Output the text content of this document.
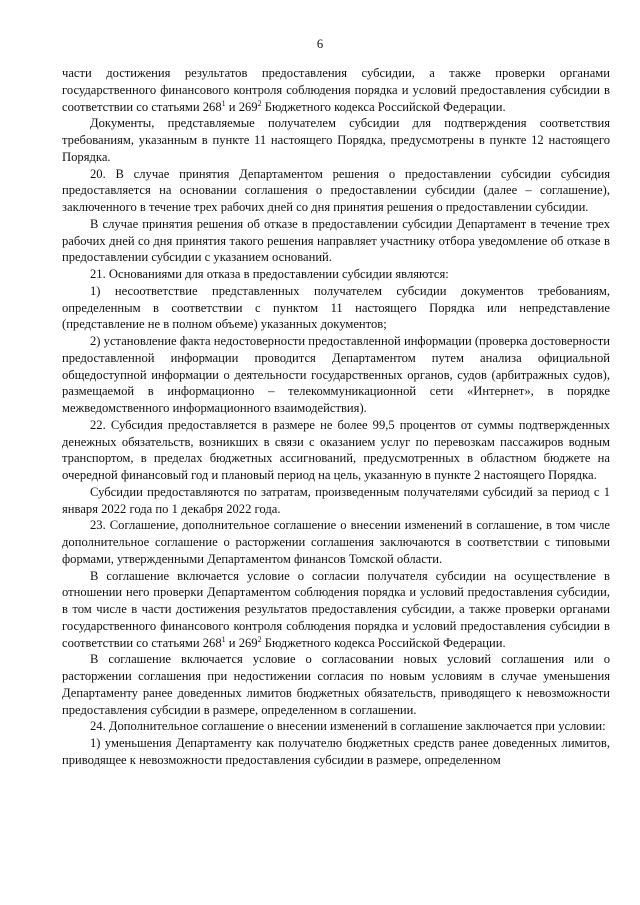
6

части достижения результатов предоставления субсидии, а также проверки органами государственного финансового контроля соблюдения порядка и условий предоставления субсидии в соответствии со статьями $268^1$ и $269^2$ Бюджетного кодекса Российской Федерации.

Документы, представляемые получателем субсидии для подтверждения соответствия требованиям, указанным в пункте 11 настоящего Порядка, предусмотрены в пункте 12 настоящего Порядка.

20. В случае принятия Департаментом решения о предоставлении субсидии субсидия предоставляется на основании соглашения о предоставлении субсидии (далее – соглашение), заключенного в течение трех рабочих дней со дня принятия решения о предоставлении субсидии.

В случае принятия решения об отказе в предоставлении субсидии Департамент в течение трех рабочих дней со дня принятия такого решения направляет участнику отбора уведомление об отказе в предоставлении субсидии с указанием оснований.

21. Основаниями для отказа в предоставлении субсидии являются:

1) несоответствие представленных получателем субсидии документов требованиям, определенным в соответствии с пунктом 11 настоящего Порядка или непредставление (представление не в полном объеме) указанных документов;

2) установление факта недостоверности предоставленной информации (проверка достоверности предоставленной информации проводится Департаментом путем анализа официальной общедоступной информации о деятельности государственных органов, судов (арбитражных судов), размещаемой в информационно – телекоммуникационной сети «Интернет», в порядке межведомственного информационного взаимодействия).

22. Субсидия предоставляется в размере не более 99,5 процентов от суммы подтвержденных денежных обязательств, возникших в связи с оказанием услуг по перевозкам пассажиров водным транспортом, в пределах бюджетных ассигнований, предусмотренных в областном бюджете на очередной финансовый год и плановый период на цель, указанную в пункте 2 настоящего Порядка.

Субсидии предоставляются по затратам, произведенным получателями субсидий за период с 1 января 2022 года по 1 декабря 2022 года.

23. Соглашение, дополнительное соглашение о внесении изменений в соглашение, в том числе дополнительное соглашение о расторжении соглашения заключаются в соответствии с типовыми формами, утвержденными Департаментом финансов Томской области.

В соглашение включается условие о согласии получателя субсидии на осуществление в отношении него проверки Департаментом соблюдения порядка и условий предоставления субсидии, в том числе в части достижения результатов предоставления субсидии, а также проверки органами государственного финансового контроля соблюдения порядка и условий предоставления субсидии в соответствии со статьями $268^1$ и $269^2$ Бюджетного кодекса Российской Федерации.

В соглашение включается условие о согласовании новых условий соглашения или о расторжении соглашения при недостижении согласия по новым условиям в случае уменьшения Департаменту ранее доведенных лимитов бюджетных обязательств, приводящего к невозможности предоставления субсидии в размере, определенном в соглашении.

24. Дополнительное соглашение о внесении изменений в соглашение заключается при условии:

1) уменьшения Департаменту как получателю бюджетных средств ранее доведенных лимитов, приводящее к невозможности предоставления субсидии в размере, определенном
